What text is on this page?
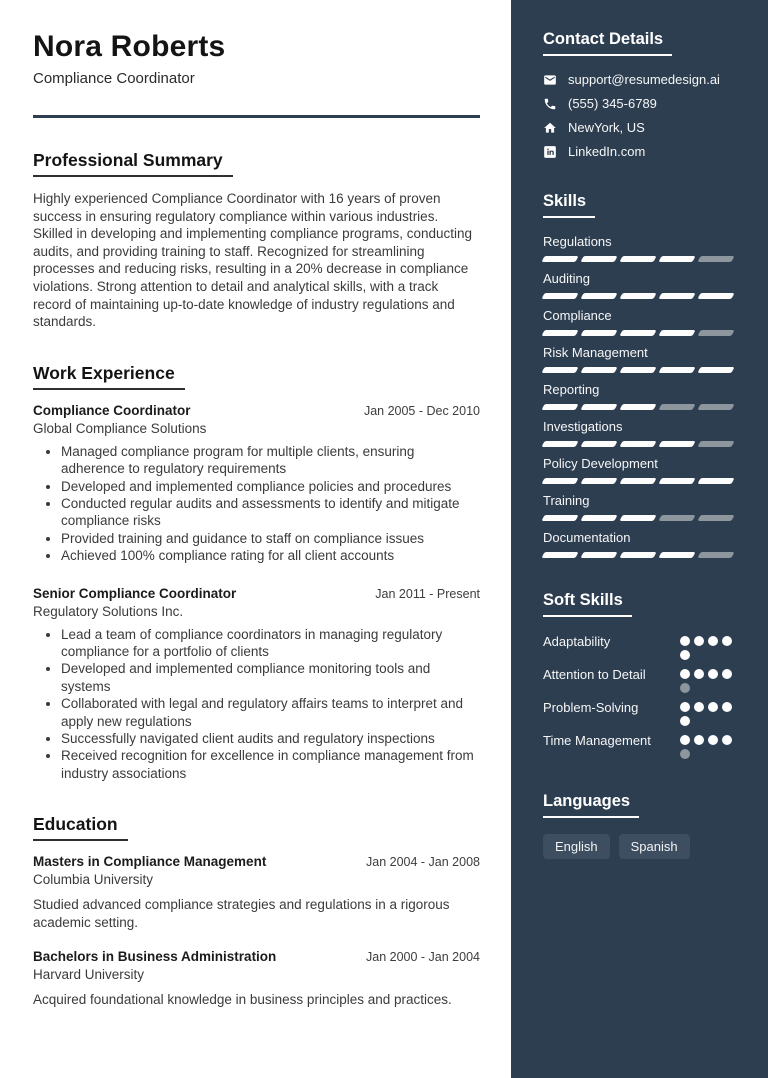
Nora Roberts
Compliance Coordinator
Professional Summary

Highly experienced Compliance Coordinator with 16 years of proven success in ensuring regulatory compliance within various industries. Skilled in developing and implementing compliance programs, conducting audits, and providing training to staff. Recognized for streamlining processes and reducing risks, resulting in a 20% decrease in compliance violations. Strong attention to detail and analytical skills, with a track record of maintaining up-to-date knowledge of industry regulations and standards.

Work Experience
Compliance Coordinator	Jan 2005 - Dec 2010
Global Compliance Solutions
• Managed compliance program for multiple clients, ensuring adherence to regulatory requirements
• Developed and implemented compliance policies and procedures
• Conducted regular audits and assessments to identify and mitigate compliance risks
• Provided training and guidance to staff on compliance issues
• Achieved 100% compliance rating for all client accounts
Senior Compliance Coordinator	Jan 2011 - Present
Regulatory Solutions Inc.
• Lead a team of compliance coordinators in managing regulatory compliance for a portfolio of clients
• Developed and implemented compliance monitoring tools and systems
• Collaborated with legal and regulatory affairs teams to interpret and apply new regulations
• Successfully navigated client audits and regulatory inspections
• Received recognition for excellence in compliance management from industry associations
Education
Masters in Compliance Management	Jan 2004 - Jan 2008
Columbia University

Studied advanced compliance strategies and regulations in a rigorous academic setting.

Bachelors in Business Administration	Jan 2000 - Jan 2004
Harvard University

Acquired foundational knowledge in business principles and practices.

Contact Details
support@resumedesign.ai
(555) 345-6789
NewYork, US
LinkedIn.com
Skills
Regulations
Auditing
Compliance
Risk Management
Reporting
Investigations
Policy Development
Training
Documentation
Soft Skills
Adaptability
Attention to Detail
Problem-Solving
Time Management
Languages
English	Spanish
